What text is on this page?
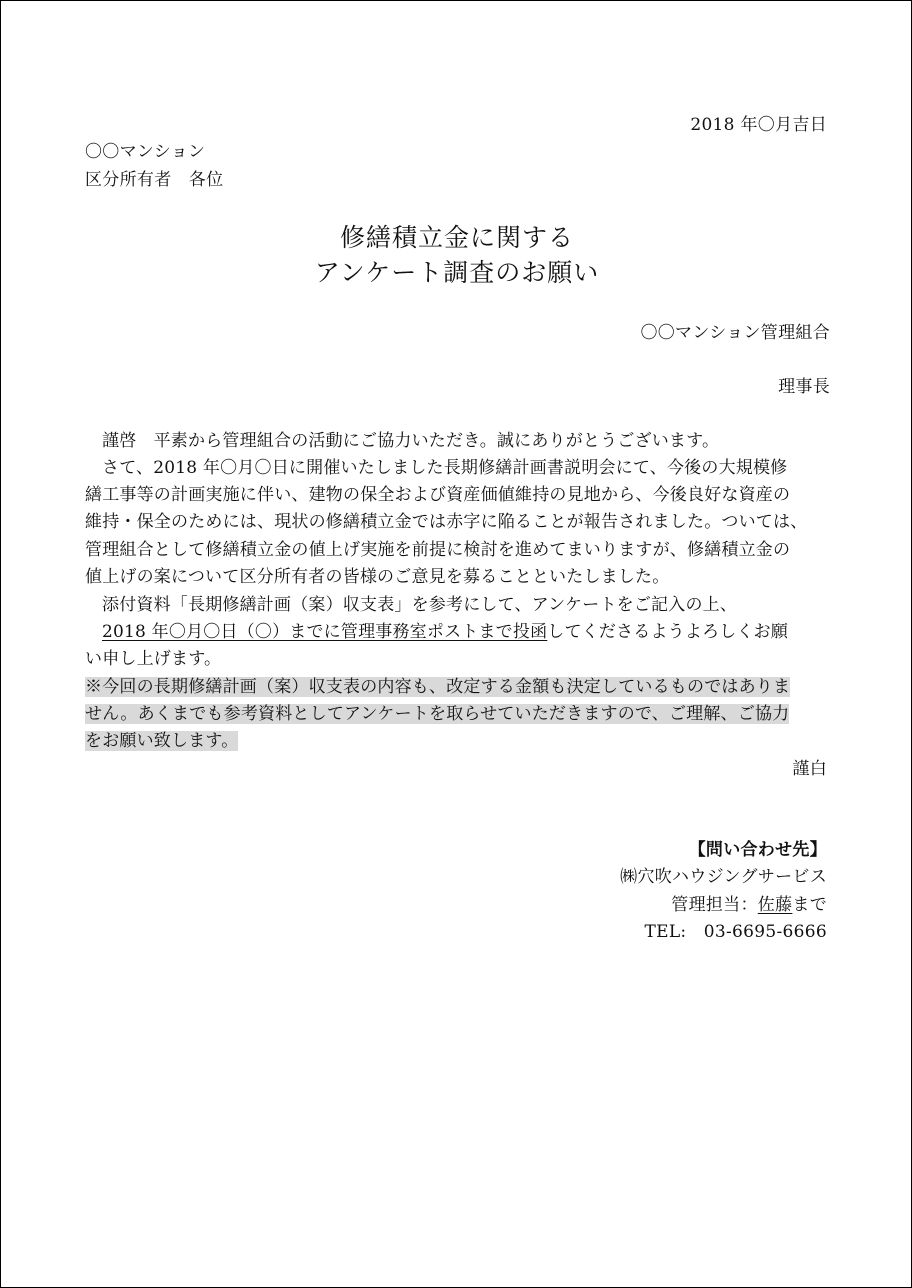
2018 年〇月吉日
〇〇マンション
区分所有者　各位
修繕積立金に関する
アンケート調査のお願い
〇〇マンション管理組合
理事長
謹啓　平素から管理組合の活動にご協力いただき。誠にありがとうございます。
さて、2018 年〇月〇日に開催いたしました長期修繕計画書説明会にて、今後の大規模修
繕工事等の計画実施に伴い、建物の保全および資産価値維持の見地から、今後良好な資産の
維持・保全のためには、現状の修繕積立金では赤字に陥ることが報告されました。ついては、
管理組合として修繕積立金の値上げ実施を前提に検討を進めてまいりますが、修繕積立金の
値上げの案について区分所有者の皆様のご意見を募ることといたしました。
添付資料「長期修繕計画（案）収支表」を参考にして、アンケートをご記入の上、
2018 年〇月〇日（〇）までに管理事務室ポストまで投函してくださるようよろしくお願
い申し上げます。
※今回の長期修繕計画（案）収支表の内容も、改定する金額も決定しているものではありま
せん。あくまでも参考資料としてアンケートを取らせていただきますので、ご理解、ご協力
をお願い致します。
謹白
【問い合わせ先】
㈱穴吹ハウジングサービス
管理担当：佐藤まで
TEL:　03-6695-6666
